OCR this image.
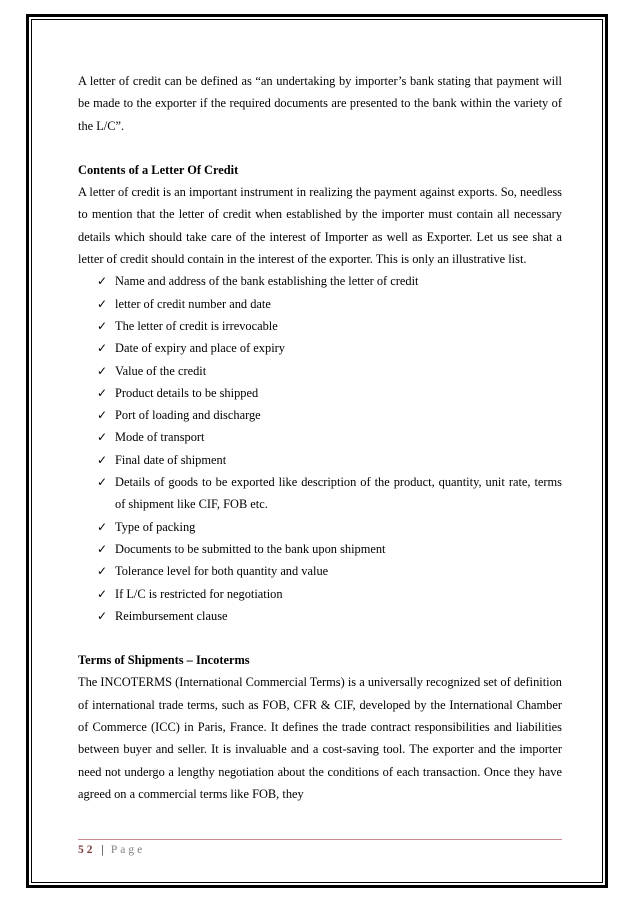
A letter of credit can be defined as “an undertaking by importer’s bank stating that payment will be made to the exporter if the required documents are presented to the bank within the variety of the L/C”.

Contents of a Letter Of Credit

A letter of credit is an important instrument in realizing the payment against exports. So, needless to mention that the letter of credit when established by the importer must contain all necessary details which should take care of the interest of Importer as well as Exporter. Let us see shat a letter of credit should contain in the interest of the exporter. This is only an illustrative list.

✓ Name and address of the bank establishing the letter of credit
✓ letter of credit number and date
✓ The letter of credit is irrevocable
✓ Date of expiry and place of expiry
✓ Value of the credit
✓ Product details to be shipped
✓ Port of loading and discharge
✓ Mode of transport
✓ Final date of shipment
✓ Details of goods to be exported like description of the product, quantity, unit rate, terms of shipment like CIF, FOB etc.
✓ Type of packing
✓ Documents to be submitted to the bank upon shipment
✓ Tolerance level for both quantity and value
✓ If L/C is restricted for negotiation
✓ Reimbursement clause

Terms of Shipments – Incoterms

The INCOTERMS (International Commercial Terms) is a universally recognized set of definition of international trade terms, such as FOB, CFR & CIF, developed by the International Chamber of Commerce (ICC) in Paris, France. It defines the trade contract responsibilities and liabilities between buyer and seller. It is invaluable and a cost-saving tool. The exporter and the importer need not undergo a lengthy negotiation about the conditions of each transaction. Once they have agreed on a commercial terms like FOB, they

52 | Page
